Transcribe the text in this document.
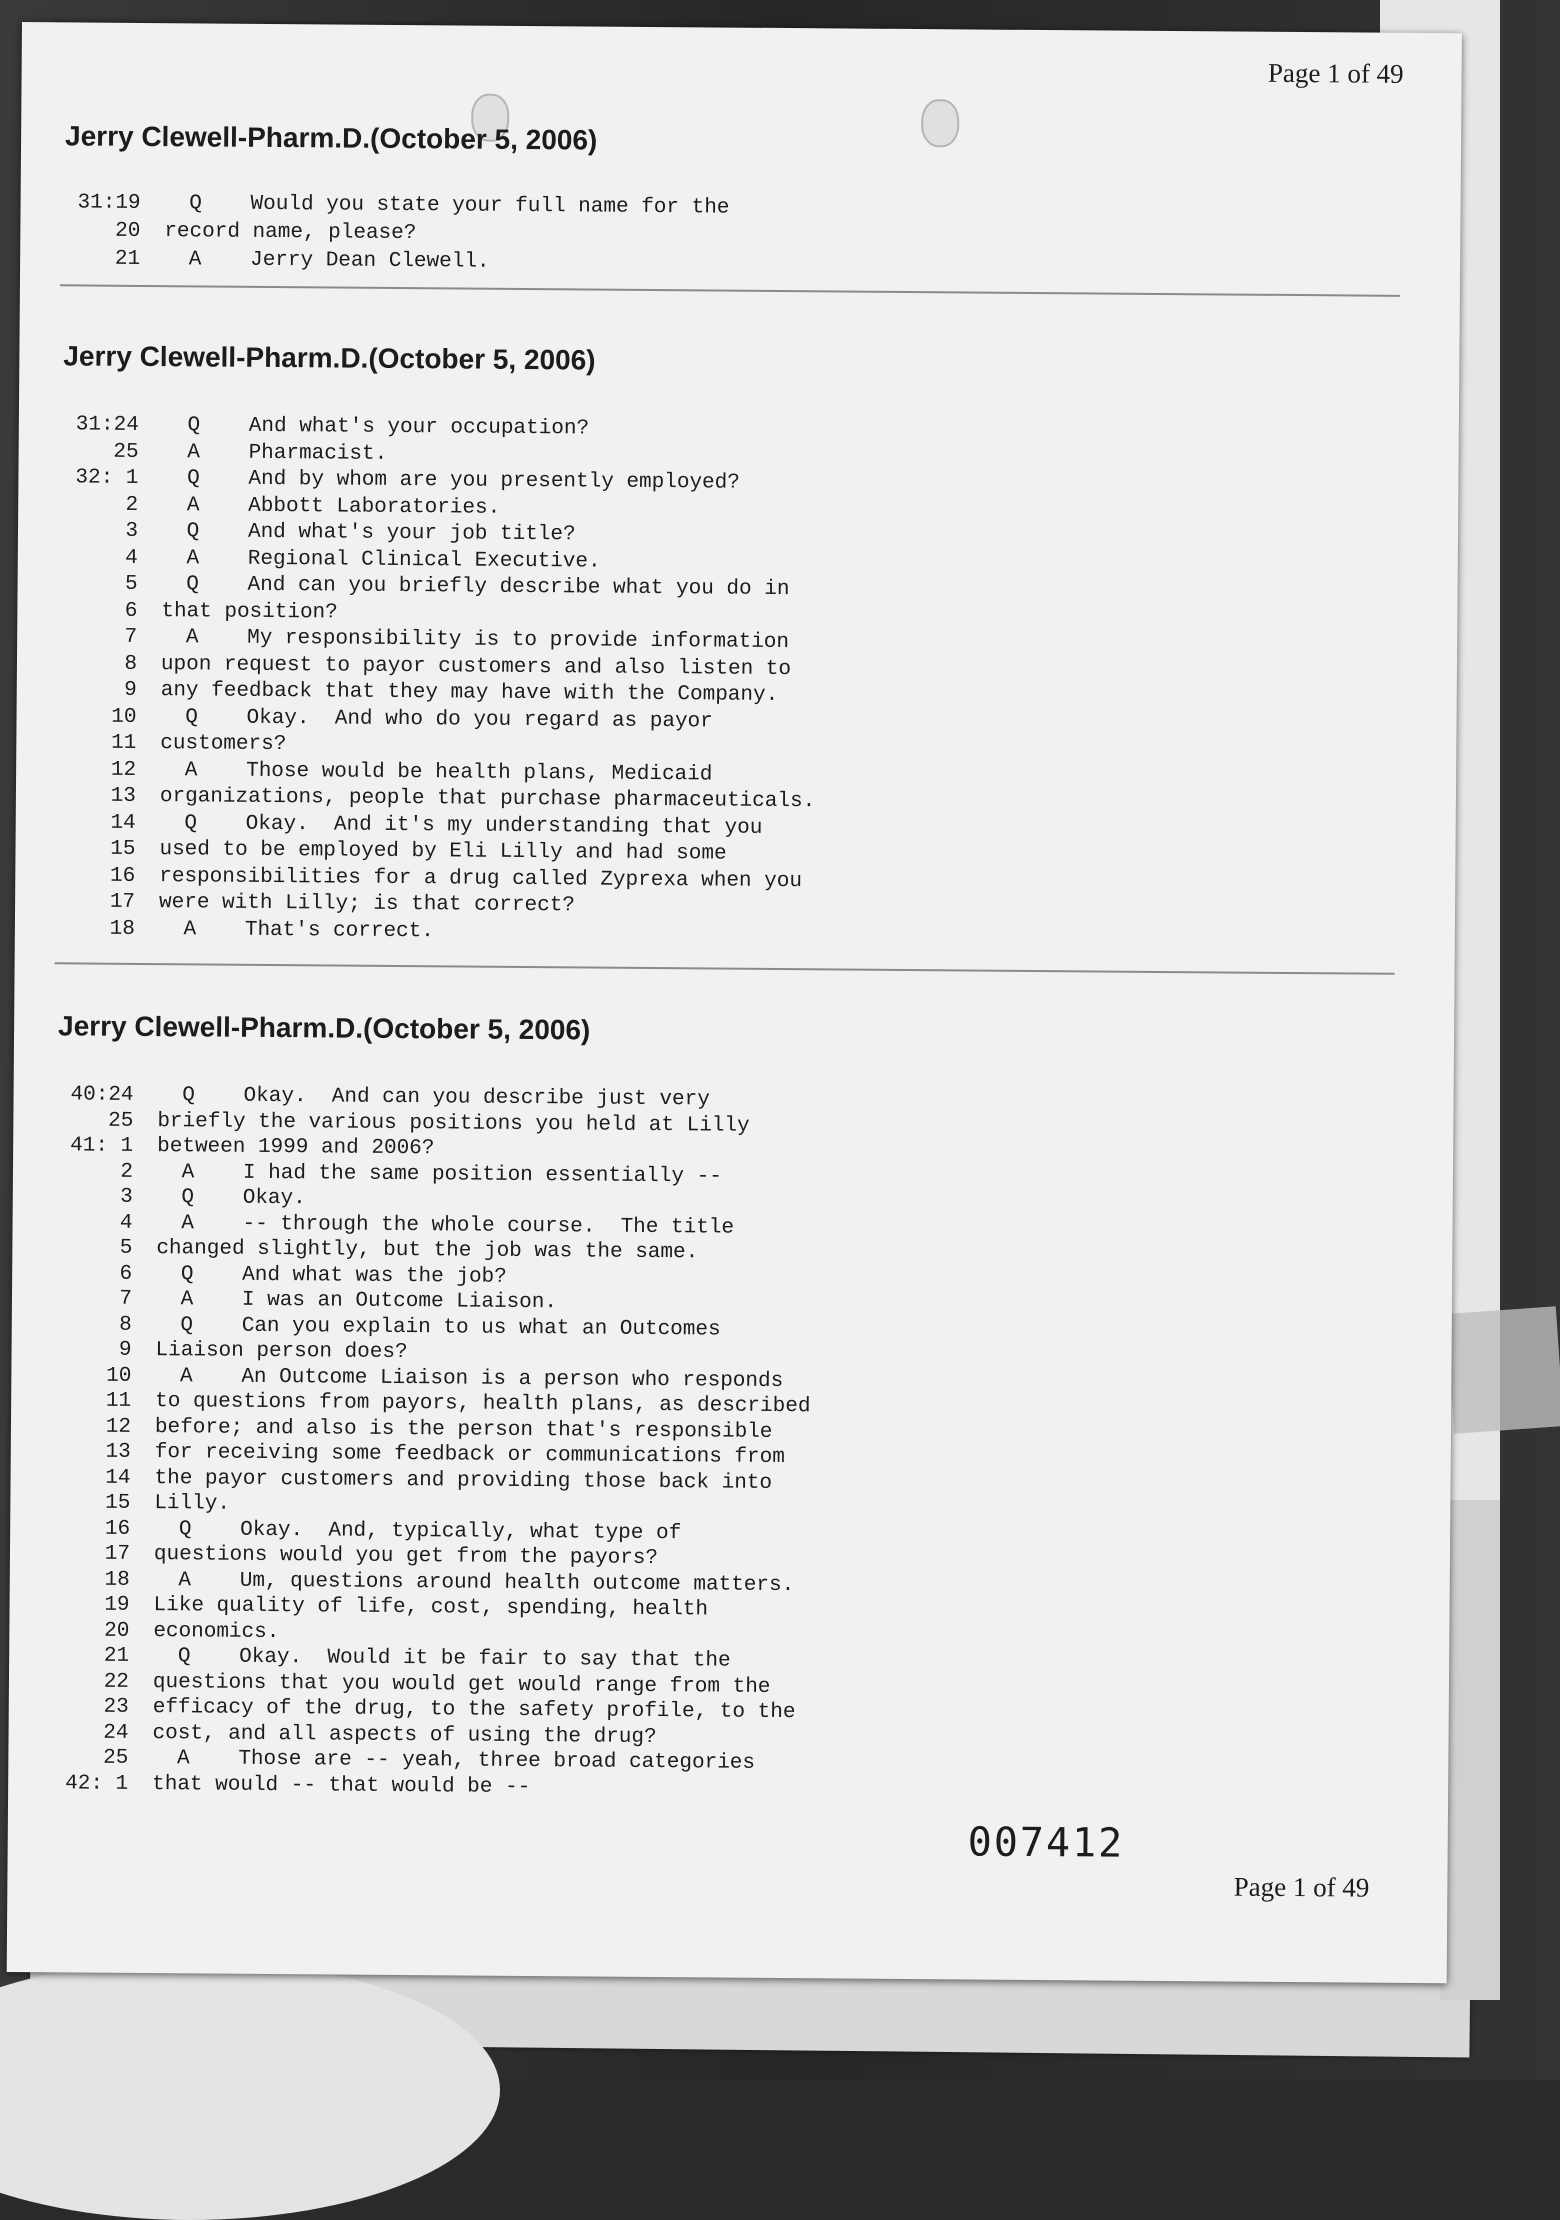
Page 1 of 49
Jerry Clewell-Pharm.D.(October 5, 2006)
31:19 Q Would you state your full name for the
20 record name, please?
21 A Jerry Dean Clewell.
Jerry Clewell-Pharm.D.(October 5, 2006)
31:24 Q And what's your occupation?
25 A Pharmacist.
32: 1 Q And by whom are you presently employed?
2 A Abbott Laboratories.
3 Q And what's your job title?
4 A Regional Clinical Executive.
5 Q And can you briefly describe what you do in
6 that position?
7 A My responsibility is to provide information
8 upon request to payor customers and also listen to
9 any feedback that they may have with the Company.
10 Q Okay.  And who do you regard as payor
11 customers?
12 A Those would be health plans, Medicaid
13 organizations, people that purchase pharmaceuticals.
14 Q Okay.  And it's my understanding that you
15 used to be employed by Eli Lilly and had some
16 responsibilities for a drug called Zyprexa when you
17 were with Lilly; is that correct?
18 A That's correct.
Jerry Clewell-Pharm.D.(October 5, 2006)
40:24 Q Okay.  And can you describe just very
25 briefly the various positions you held at Lilly
41: 1 between 1999 and 2006?
2 A I had the same position essentially --
3 Q Okay.
4 A -- through the whole course.  The title
5 changed slightly, but the job was the same.
6 Q And what was the job?
7 A I was an Outcome Liaison.
8 Q Can you explain to us what an Outcomes
9 Liaison person does?
10 A An Outcome Liaison is a person who responds
11 to questions from payors, health plans, as described
12 before; and also is the person that's responsible
13 for receiving some feedback or communications from
14 the payor customers and providing those back into
15 Lilly.
16 Q Okay.  And, typically, what type of
17 questions would you get from the payors?
18 A Um, questions around health outcome matters.
19 Like quality of life, cost, spending, health
20 economics.
21 Q Okay.  Would it be fair to say that the
22 questions that you would get would range from the
23 efficacy of the drug, to the safety profile, to the
24 cost, and all aspects of using the drug?
25 A Those are -- yeah, three broad categories
42: 1 that would -- that would be --
007412
Page 1 of 49
